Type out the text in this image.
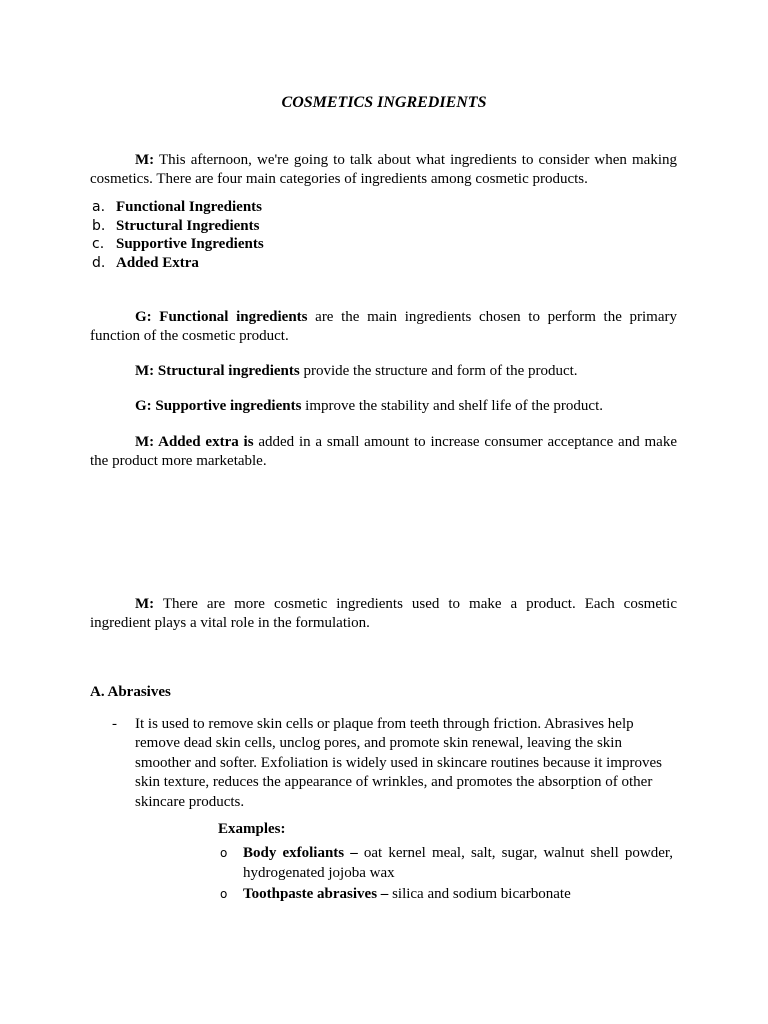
COSMETICS INGREDIENTS
M: This afternoon, we're going to talk about what ingredients to consider when making cosmetics. There are four main categories of ingredients among cosmetic products.
a. Functional Ingredients
b. Structural Ingredients
c. Supportive Ingredients
d. Added Extra
G: Functional ingredients are the main ingredients chosen to perform the primary function of the cosmetic product.
M: Structural ingredients provide the structure and form of the product.
G: Supportive ingredients improve the stability and shelf life of the product.
M: Added extra is added in a small amount to increase consumer acceptance and make the product more marketable.
M: There are more cosmetic ingredients used to make a product. Each cosmetic ingredient plays a vital role in the formulation.
A. Abrasives
- It is used to remove skin cells or plaque from teeth through friction. Abrasives help remove dead skin cells, unclog pores, and promote skin renewal, leaving the skin smoother and softer. Exfoliation is widely used in skincare routines because it improves skin texture, reduces the appearance of wrinkles, and promotes the absorption of other skincare products.
Examples:
o Body exfoliants – oat kernel meal, salt, sugar, walnut shell powder, hydrogenated jojoba wax
o Toothpaste abrasives – silica and sodium bicarbonate
